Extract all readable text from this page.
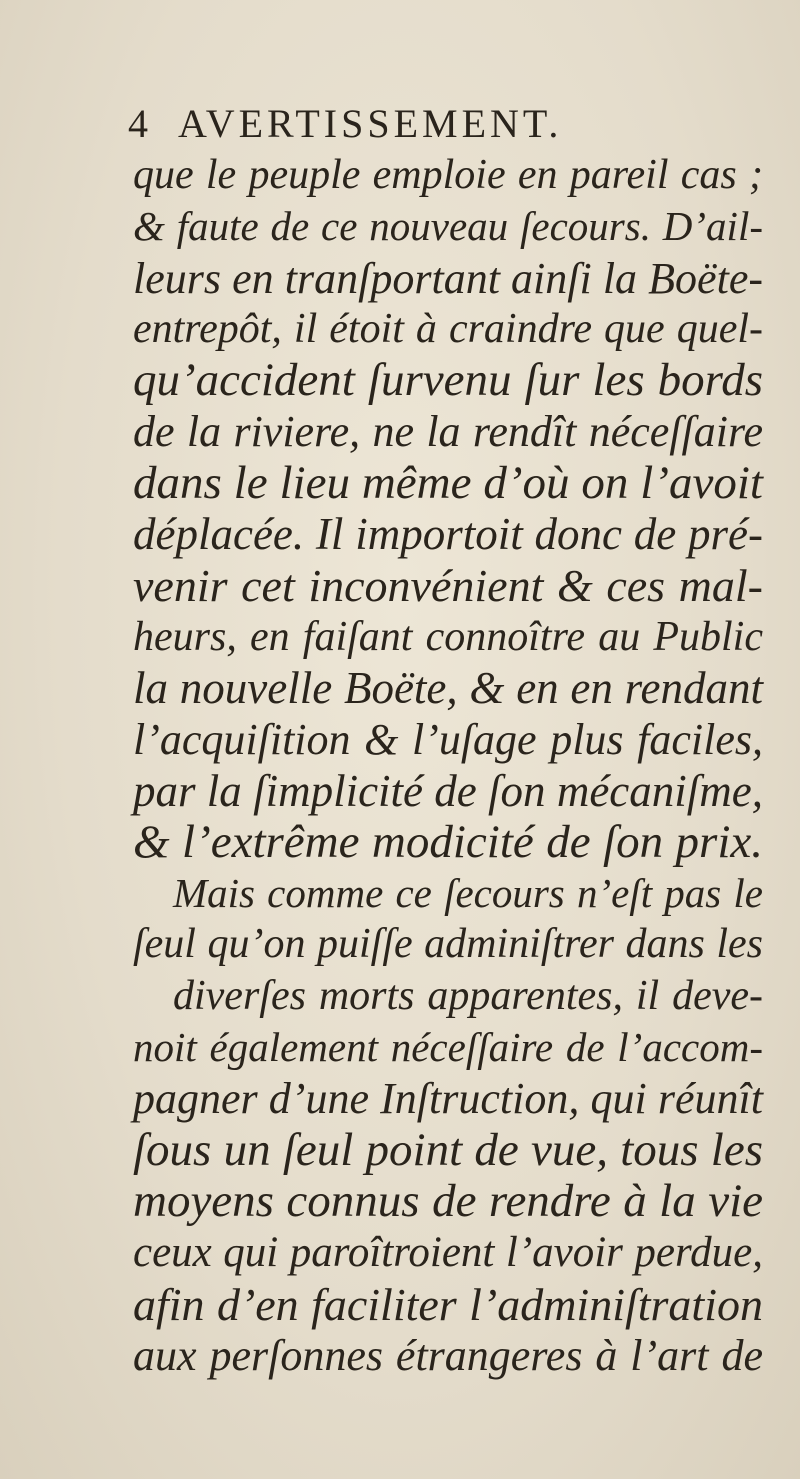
4 AVERTISSEMENT.
que le peuple emploie en pareil cas ;
& faute de ce nouveau ſecours. D’ail-
leurs en tranſportant ainſi la Boëte-
entrepôt, il étoit à craindre que quel-
qu’accident ſurvenu ſur les bords
de la riviere, ne la rendît néceſſaire
dans le lieu même d’où on l’avoit
déplacée. Il importoit donc de pré-
venir cet inconvénient & ces mal-
heurs, en faiſant connoître au Public
la nouvelle Boëte, & en en rendant
l’acquiſition & l’uſage plus faciles,
par la ſimplicité de ſon mécaniſme,
& l’extrême modicité de ſon prix.
Mais comme ce ſecours n’eſt pas le
ſeul qu’on puiſſe adminiſtrer dans les
diverſes morts apparentes, il deve-
noit également néceſſaire de l’accom-
pagner d’une Inſtruction, qui réunît
ſous un ſeul point de vue, tous les
moyens connus de rendre à la vie
ceux qui paroîtroient l’avoir perdue,
afin d’en faciliter l’adminiſtration
aux perſonnes étrangeres à l’art de
